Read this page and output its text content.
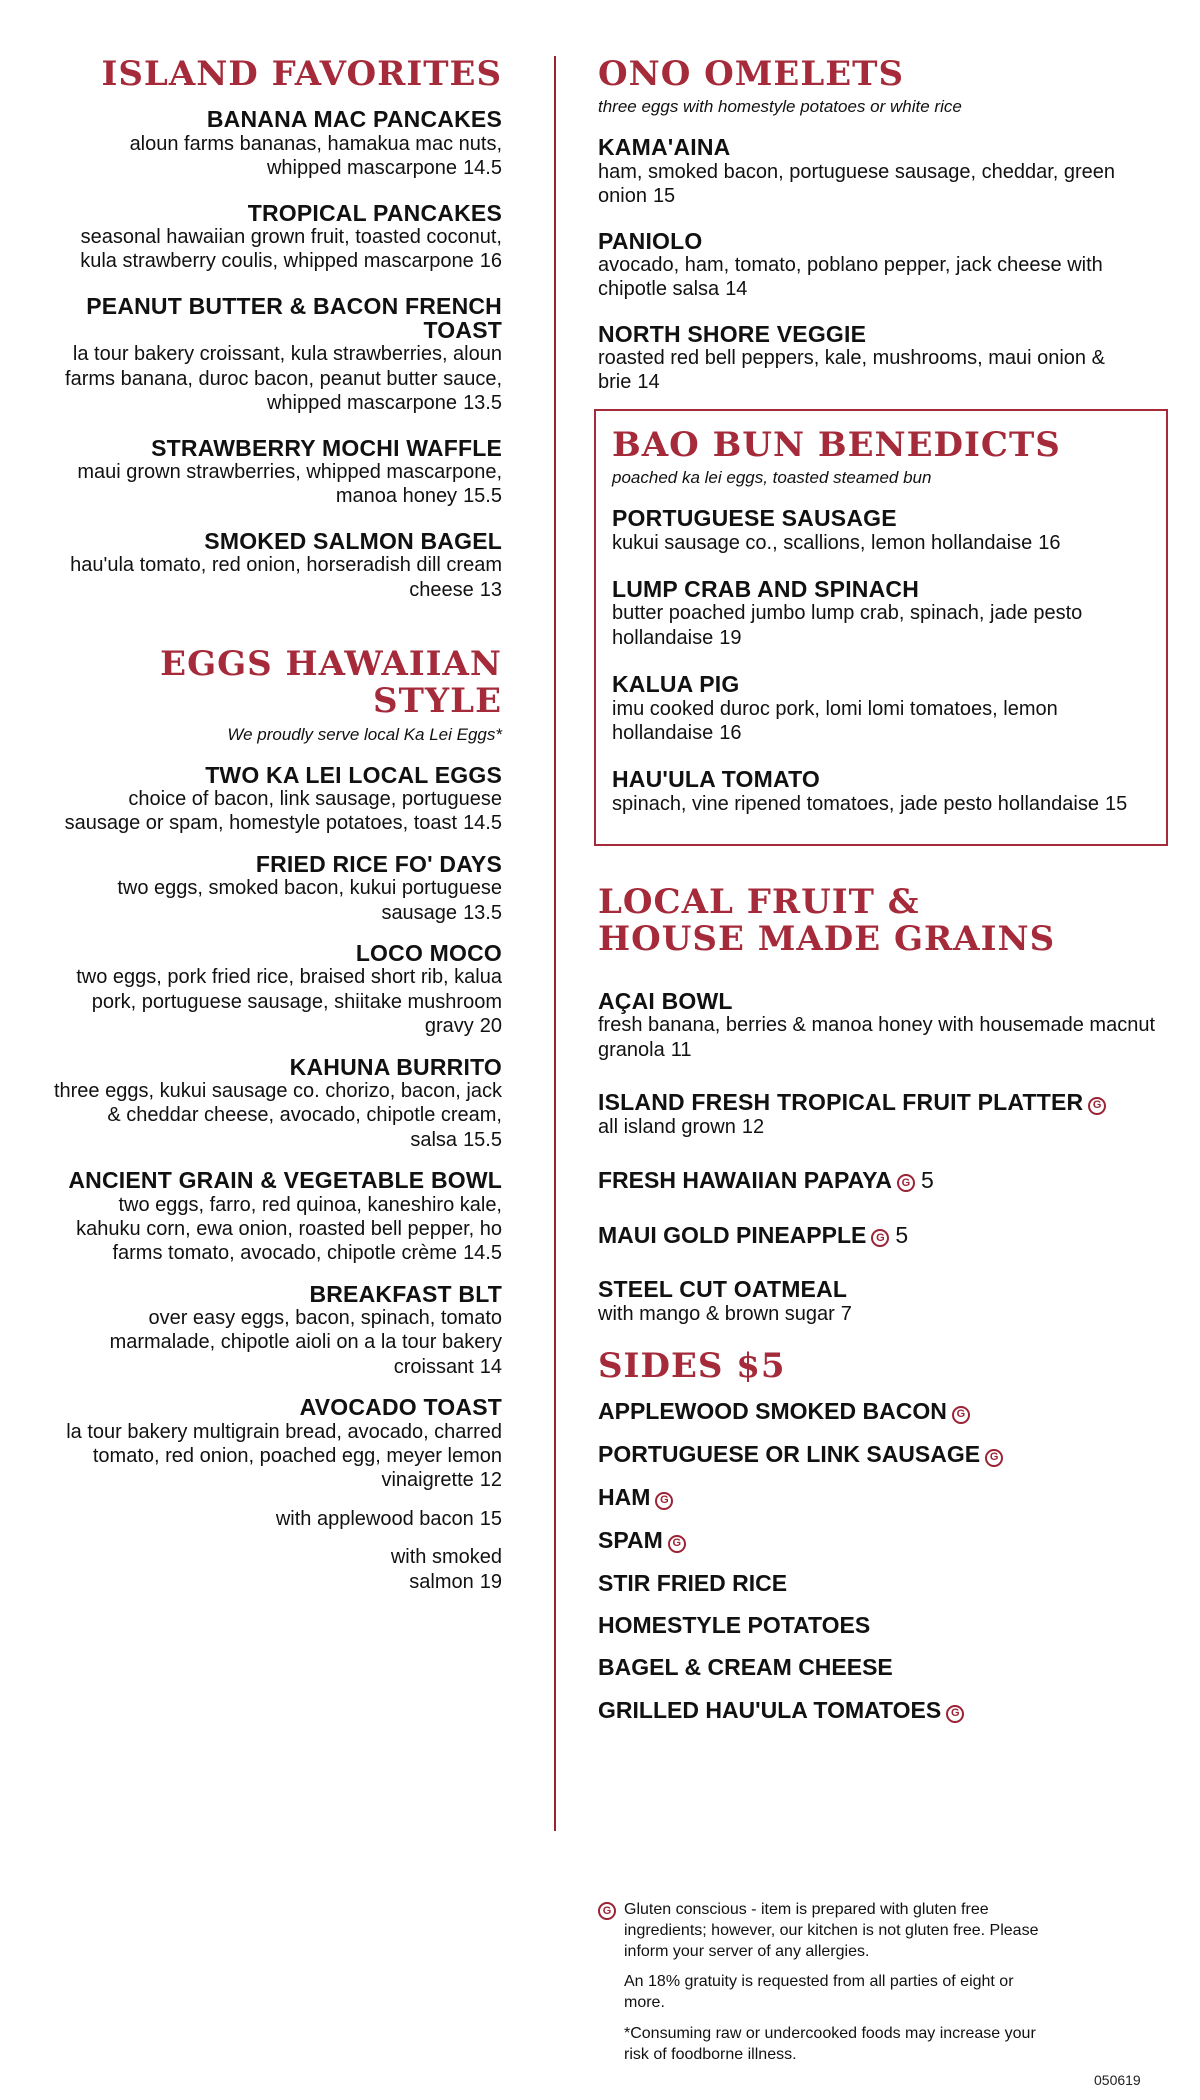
ISLAND FAVORITES
BANANA MAC PANCAKES
aloun farms bananas, hamakua mac nuts, whipped mascarpone 14.5
TROPICAL PANCAKES
seasonal hawaiian grown fruit, toasted coconut, kula strawberry coulis, whipped mascarpone 16
PEANUT BUTTER & BACON FRENCH TOAST
la tour bakery croissant, kula strawberries, aloun farms banana, duroc bacon, peanut butter sauce, whipped mascarpone 13.5
STRAWBERRY MOCHI WAFFLE
maui grown strawberries, whipped mascarpone, manoa honey 15.5
SMOKED SALMON BAGEL
hau'ula tomato, red onion, horseradish dill cream cheese 13
EGGS HAWAIIAN STYLE
We proudly serve local Ka Lei Eggs*
TWO KA LEI LOCAL EGGS
choice of bacon, link sausage, portuguese sausage or spam, homestyle potatoes, toast 14.5
FRIED RICE FO' DAYS
two eggs, smoked bacon, kukui portuguese sausage 13.5
LOCO MOCO
two eggs, pork fried rice, braised short rib, kalua pork, portuguese sausage, shiitake mushroom gravy 20
KAHUNA BURRITO
three eggs, kukui sausage co. chorizo, bacon, jack & cheddar cheese, avocado, chipotle cream, salsa 15.5
ANCIENT GRAIN & VEGETABLE BOWL
two eggs, farro, red quinoa, kaneshiro kale, kahuku corn, ewa onion, roasted bell pepper, ho farms tomato, avocado, chipotle crème 14.5
BREAKFAST BLT
over easy eggs, bacon, spinach, tomato marmalade, chipotle aioli on a la tour bakery croissant 14
AVOCADO TOAST
la tour bakery multigrain bread, avocado, charred tomato, red onion, poached egg, meyer lemon vinaigrette 12
with applewood bacon 15
with smoked salmon 19
ONO OMELETS
three eggs with homestyle potatoes or white rice
KAMA'AINA
ham, smoked bacon, portuguese sausage, cheddar, green onion 15
PANIOLO
avocado, ham, tomato, poblano pepper, jack cheese with chipotle salsa 14
NORTH SHORE VEGGIE
roasted red bell peppers, kale, mushrooms, maui onion & brie 14
BAO BUN BENEDICTS
poached ka lei eggs, toasted steamed bun
PORTUGUESE SAUSAGE
kukui sausage co., scallions, lemon hollandaise 16
LUMP CRAB AND SPINACH
butter poached jumbo lump crab, spinach, jade pesto hollandaise 19
KALUA PIG
imu cooked duroc pork, lomi lomi tomatoes, lemon hollandaise 16
HAU'ULA TOMATO
spinach, vine ripened tomatoes, jade pesto hollandaise 15
LOCAL FRUIT &
HOUSE MADE GRAINS
AÇAI BOWL
fresh banana, berries & manoa honey with housemade macnut granola 11
ISLAND FRESH TROPICAL FRUIT PLATTER G
all island grown 12
FRESH HAWAIIAN PAPAYA G 5
MAUI GOLD PINEAPPLE G 5
STEEL CUT OATMEAL
with mango & brown sugar 7
SIDES $5
APPLEWOOD SMOKED BACON G
PORTUGUESE OR LINK SAUSAGE G
HAM G
SPAM G
STIR FRIED RICE
HOMESTYLE POTATOES
BAGEL & CREAM CHEESE
GRILLED HAU'ULA TOMATOES G
G Gluten conscious - item is prepared with gluten free ingredients; however, our kitchen is not gluten free. Please inform your server of any allergies.
An 18% gratuity is requested from all parties of eight or more.
*Consuming raw or undercooked foods may increase your risk of foodborne illness.
050619
